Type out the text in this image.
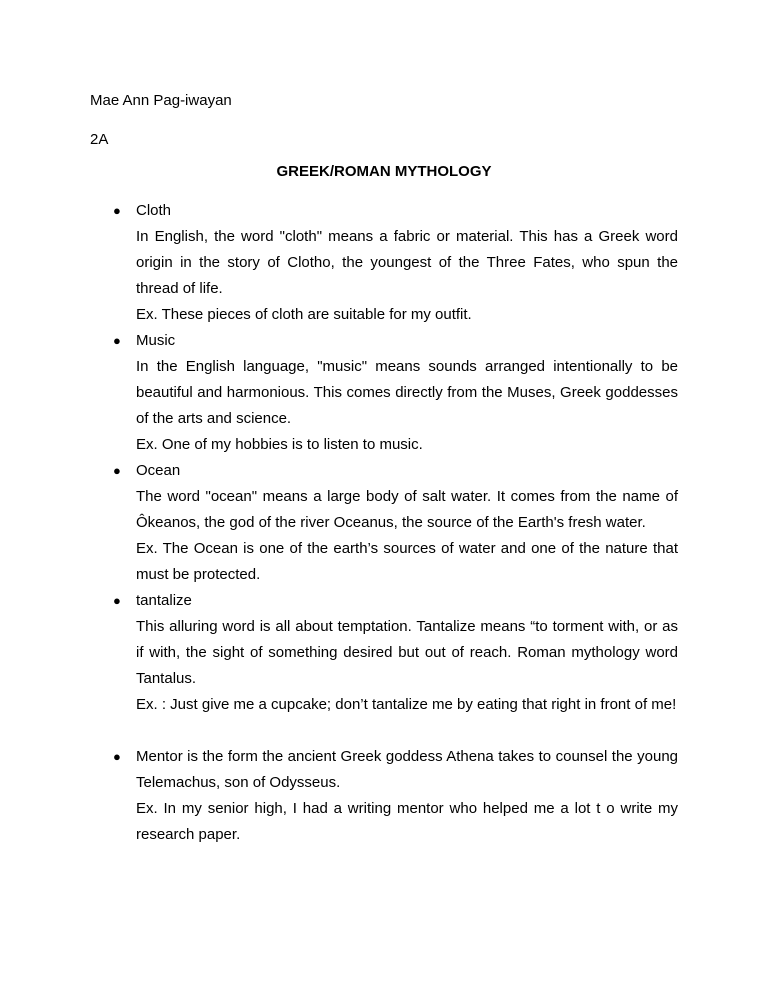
Mae Ann Pag-iwayan
2A
GREEK/ROMAN MYTHOLOGY
● Cloth
In English, the word "cloth" means a fabric or material. This has a Greek word origin in the story of Clotho, the youngest of the Three Fates, who spun the thread of life.
Ex. These pieces of cloth are suitable for my outfit.
● Music
In the English language, "music" means sounds arranged intentionally to be beautiful and harmonious. This comes directly from the Muses, Greek goddesses of the arts and science.
Ex. One of my hobbies is to listen to music.
● Ocean
The word "ocean" means a large body of salt water. It comes from the name of Ôkeanos, the god of the river Oceanus, the source of the Earth's fresh water.
Ex. The Ocean is one of the earth’s sources of water and one of the nature that must be protected.
● tantalize
This alluring word is all about temptation. Tantalize means “to torment with, or as if with, the sight of something desired but out of reach. Roman mythology word Tantalus.
Ex. : Just give me a cupcake; don’t tantalize me by eating that right in front of me!
● Mentor is the form the ancient Greek goddess Athena takes to counsel the young Telemachus, son of Odysseus.
Ex. In my senior high, I had a writing mentor who helped me a lot t o write my research paper.
